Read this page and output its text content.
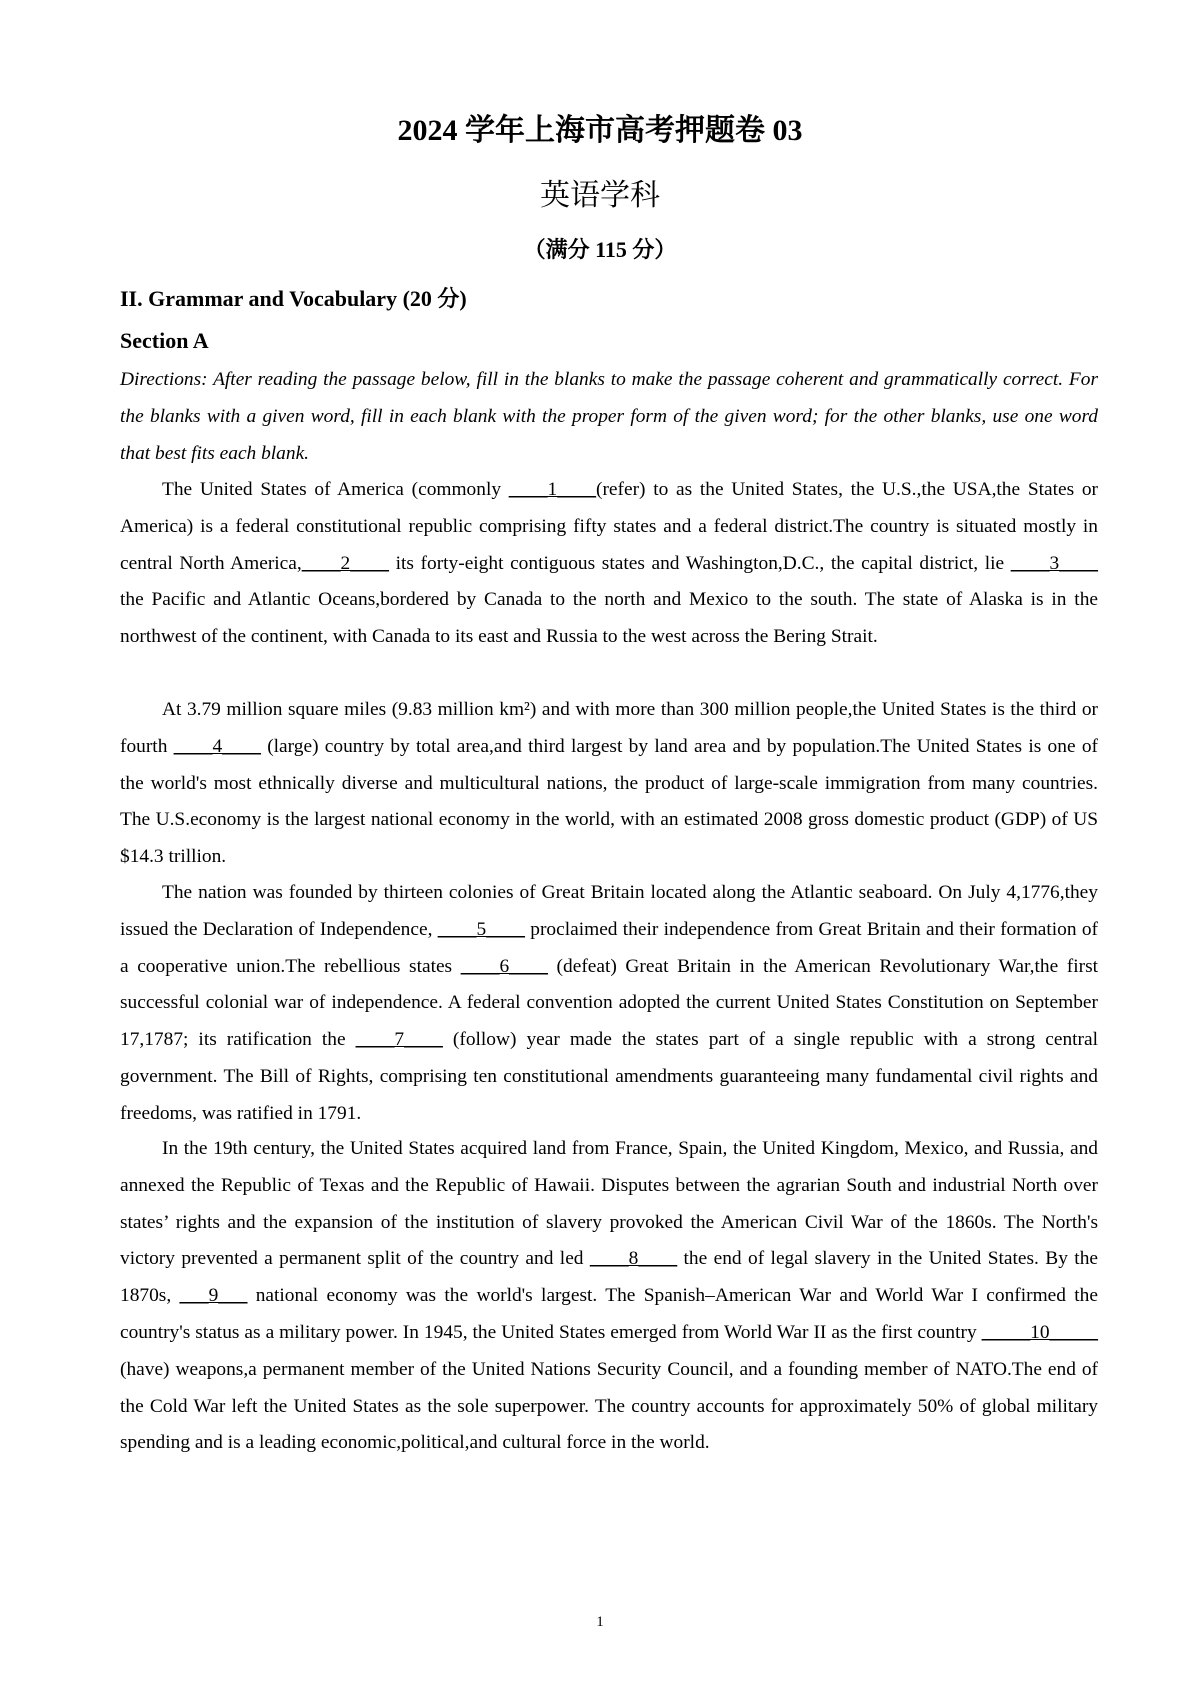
2024 学年上海市高考押题卷 03
英语学科
（满分 115 分）
II. Grammar and Vocabulary (20 分)
Section A
Directions: After reading the passage below, fill in the blanks to make the passage coherent and grammatically correct. For the blanks with a given word, fill in each blank with the proper form of the given word; for the other blanks, use one word that best fits each blank.

The United States of America (commonly ____1____(refer) to as the United States, the U.S.,the USA,the States or America) is a federal constitutional republic comprising fifty states and a federal district.The country is situated mostly in central North America,____2____ its forty-eight contiguous states and Washington,D.C., the capital district, lie ____3____ the Pacific and Atlantic Oceans,bordered by Canada to the north and Mexico to the south. The state of Alaska is in the northwest of the continent, with Canada to its east and Russia to the west across the Bering Strait.

At 3.79 million square miles (9.83 million km²) and with more than 300 million people,the United States is the third or fourth ____4____ (large) country by total area,and third largest by land area and by population.The United States is one of the world's most ethnically diverse and multicultural nations, the product of large-scale immigration from many countries. The U.S.economy is the largest national economy in the world, with an estimated 2008 gross domestic product (GDP) of US $14.3 trillion.

The nation was founded by thirteen colonies of Great Britain located along the Atlantic seaboard. On July 4,1776,they issued the Declaration of Independence, ____5____ proclaimed their independence from Great Britain and their formation of a cooperative union.The rebellious states ____6____ (defeat) Great Britain in the American Revolutionary War,the first successful colonial war of independence. A federal convention adopted the current United States Constitution on September 17,1787; its ratification the ____7____ (follow) year made the states part of a single republic with a strong central government. The Bill of Rights, comprising ten constitutional amendments guaranteeing many fundamental civil rights and freedoms, was ratified in 1791.

In the 19th century, the United States acquired land from France, Spain, the United Kingdom, Mexico, and Russia, and annexed the Republic of Texas and the Republic of Hawaii. Disputes between the agrarian South and industrial North over states’ rights and the expansion of the institution of slavery provoked the American Civil War of the 1860s. The North's victory prevented a permanent split of the country and led ____8____ the end of legal slavery in the United States. By the 1870s, ___9___ national economy was the world's largest. The Spanish–American War and World War I confirmed the country's status as a military power. In 1945, the United States emerged from World War II as the first country _____10_____ (have) weapons,a permanent member of the United Nations Security Council, and a founding member of NATO.The end of the Cold War left the United States as the sole superpower. The country accounts for approximately 50% of global military spending and is a leading economic,political,and cultural force in the world.

1
